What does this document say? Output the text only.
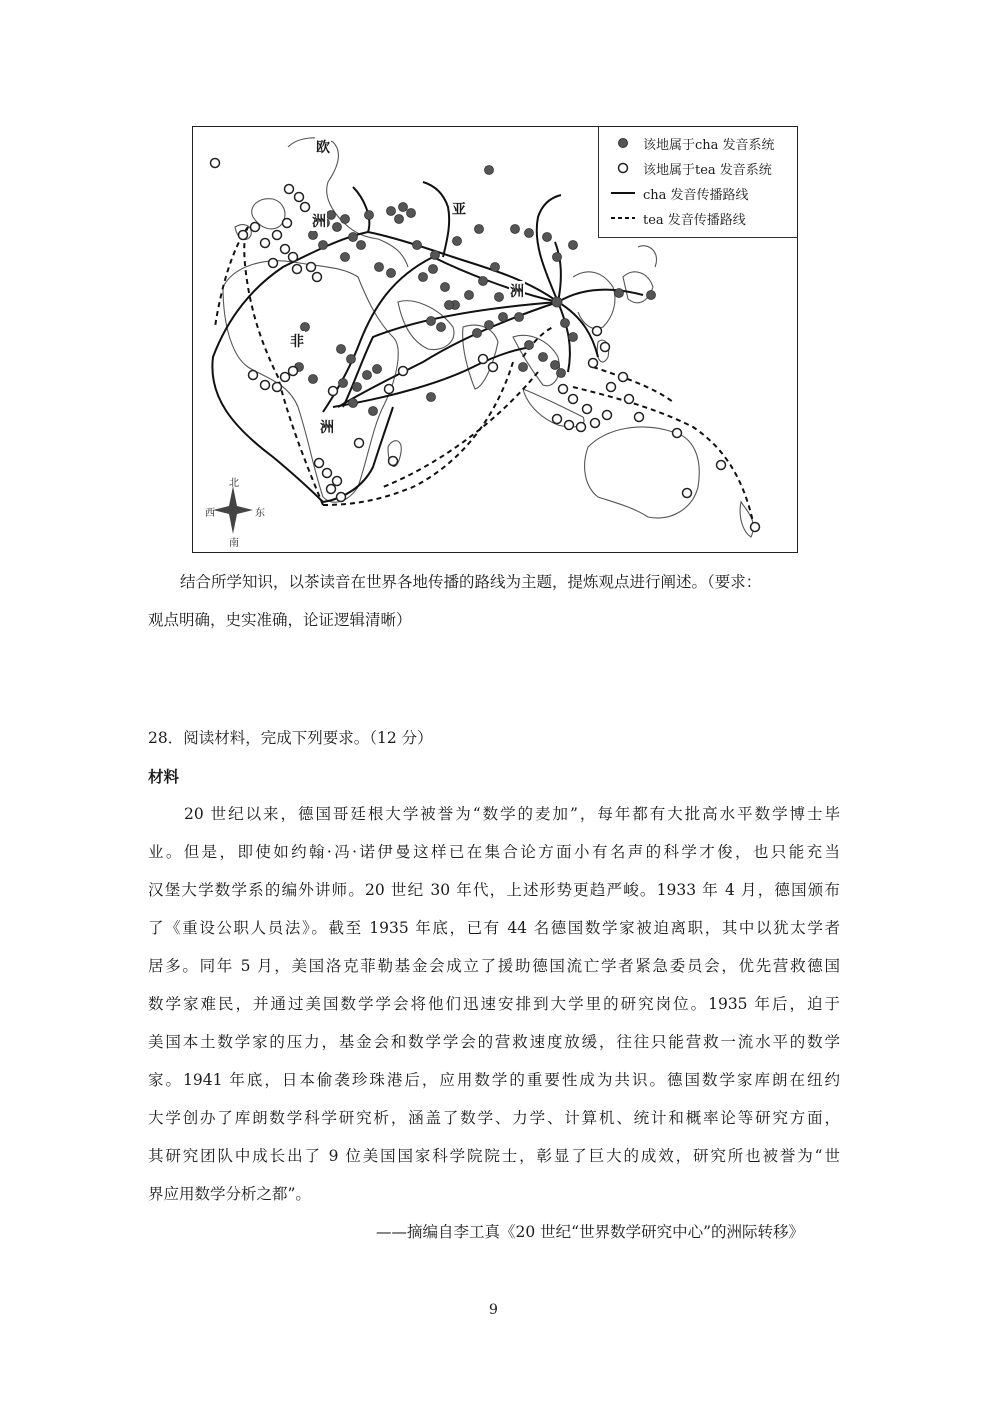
该地属于cha 发音系统
该地属于tea 发音系统
cha 发音传播路线
tea 发音传播路线
欧
洲
亚
洲
非
洲
北
南
西	东
结合所学知识，以茶读音在世界各地传播的路线为主题，提炼观点进行阐述。（要求：
观点明确，史实准确，论证逻辑清晰）
28．阅读材料，完成下列要求。（12 分）
材料
20 世纪以来，德国哥廷根大学被誉为“数学的麦加”，每年都有大批高水平数学博士毕
业。但是，即使如约翰·冯·诺伊曼这样已在集合论方面小有名声的科学才俊，也只能充当
汉堡大学数学系的编外讲师。20 世纪 30 年代，上述形势更趋严峻。1933 年 4 月，德国颁布
了《重设公职人员法》。截至 1935 年底，已有 44 名德国数学家被迫离职，其中以犹太学者
居多。同年 5 月，美国洛克菲勒基金会成立了援助德国流亡学者紧急委员会，优先营救德国
数学家难民，并通过美国数学学会将他们迅速安排到大学里的研究岗位。1935 年后，迫于
美国本土数学家的压力，基金会和数学学会的营救速度放缓，往往只能营救一流水平的数学
家。1941 年底，日本偷袭珍珠港后，应用数学的重要性成为共识。德国数学家库朗在纽约
大学创办了库朗数学科学研究析，涵盖了数学、力学、计算机、统计和概率论等研究方面，
其研究团队中成长出了 9 位美国国家科学院院士，彰显了巨大的成效，研究所也被誉为“世
界应用数学分析之都”。
——摘编自李工真《20 世纪“世界数学研究中心”的洲际转移》
9
